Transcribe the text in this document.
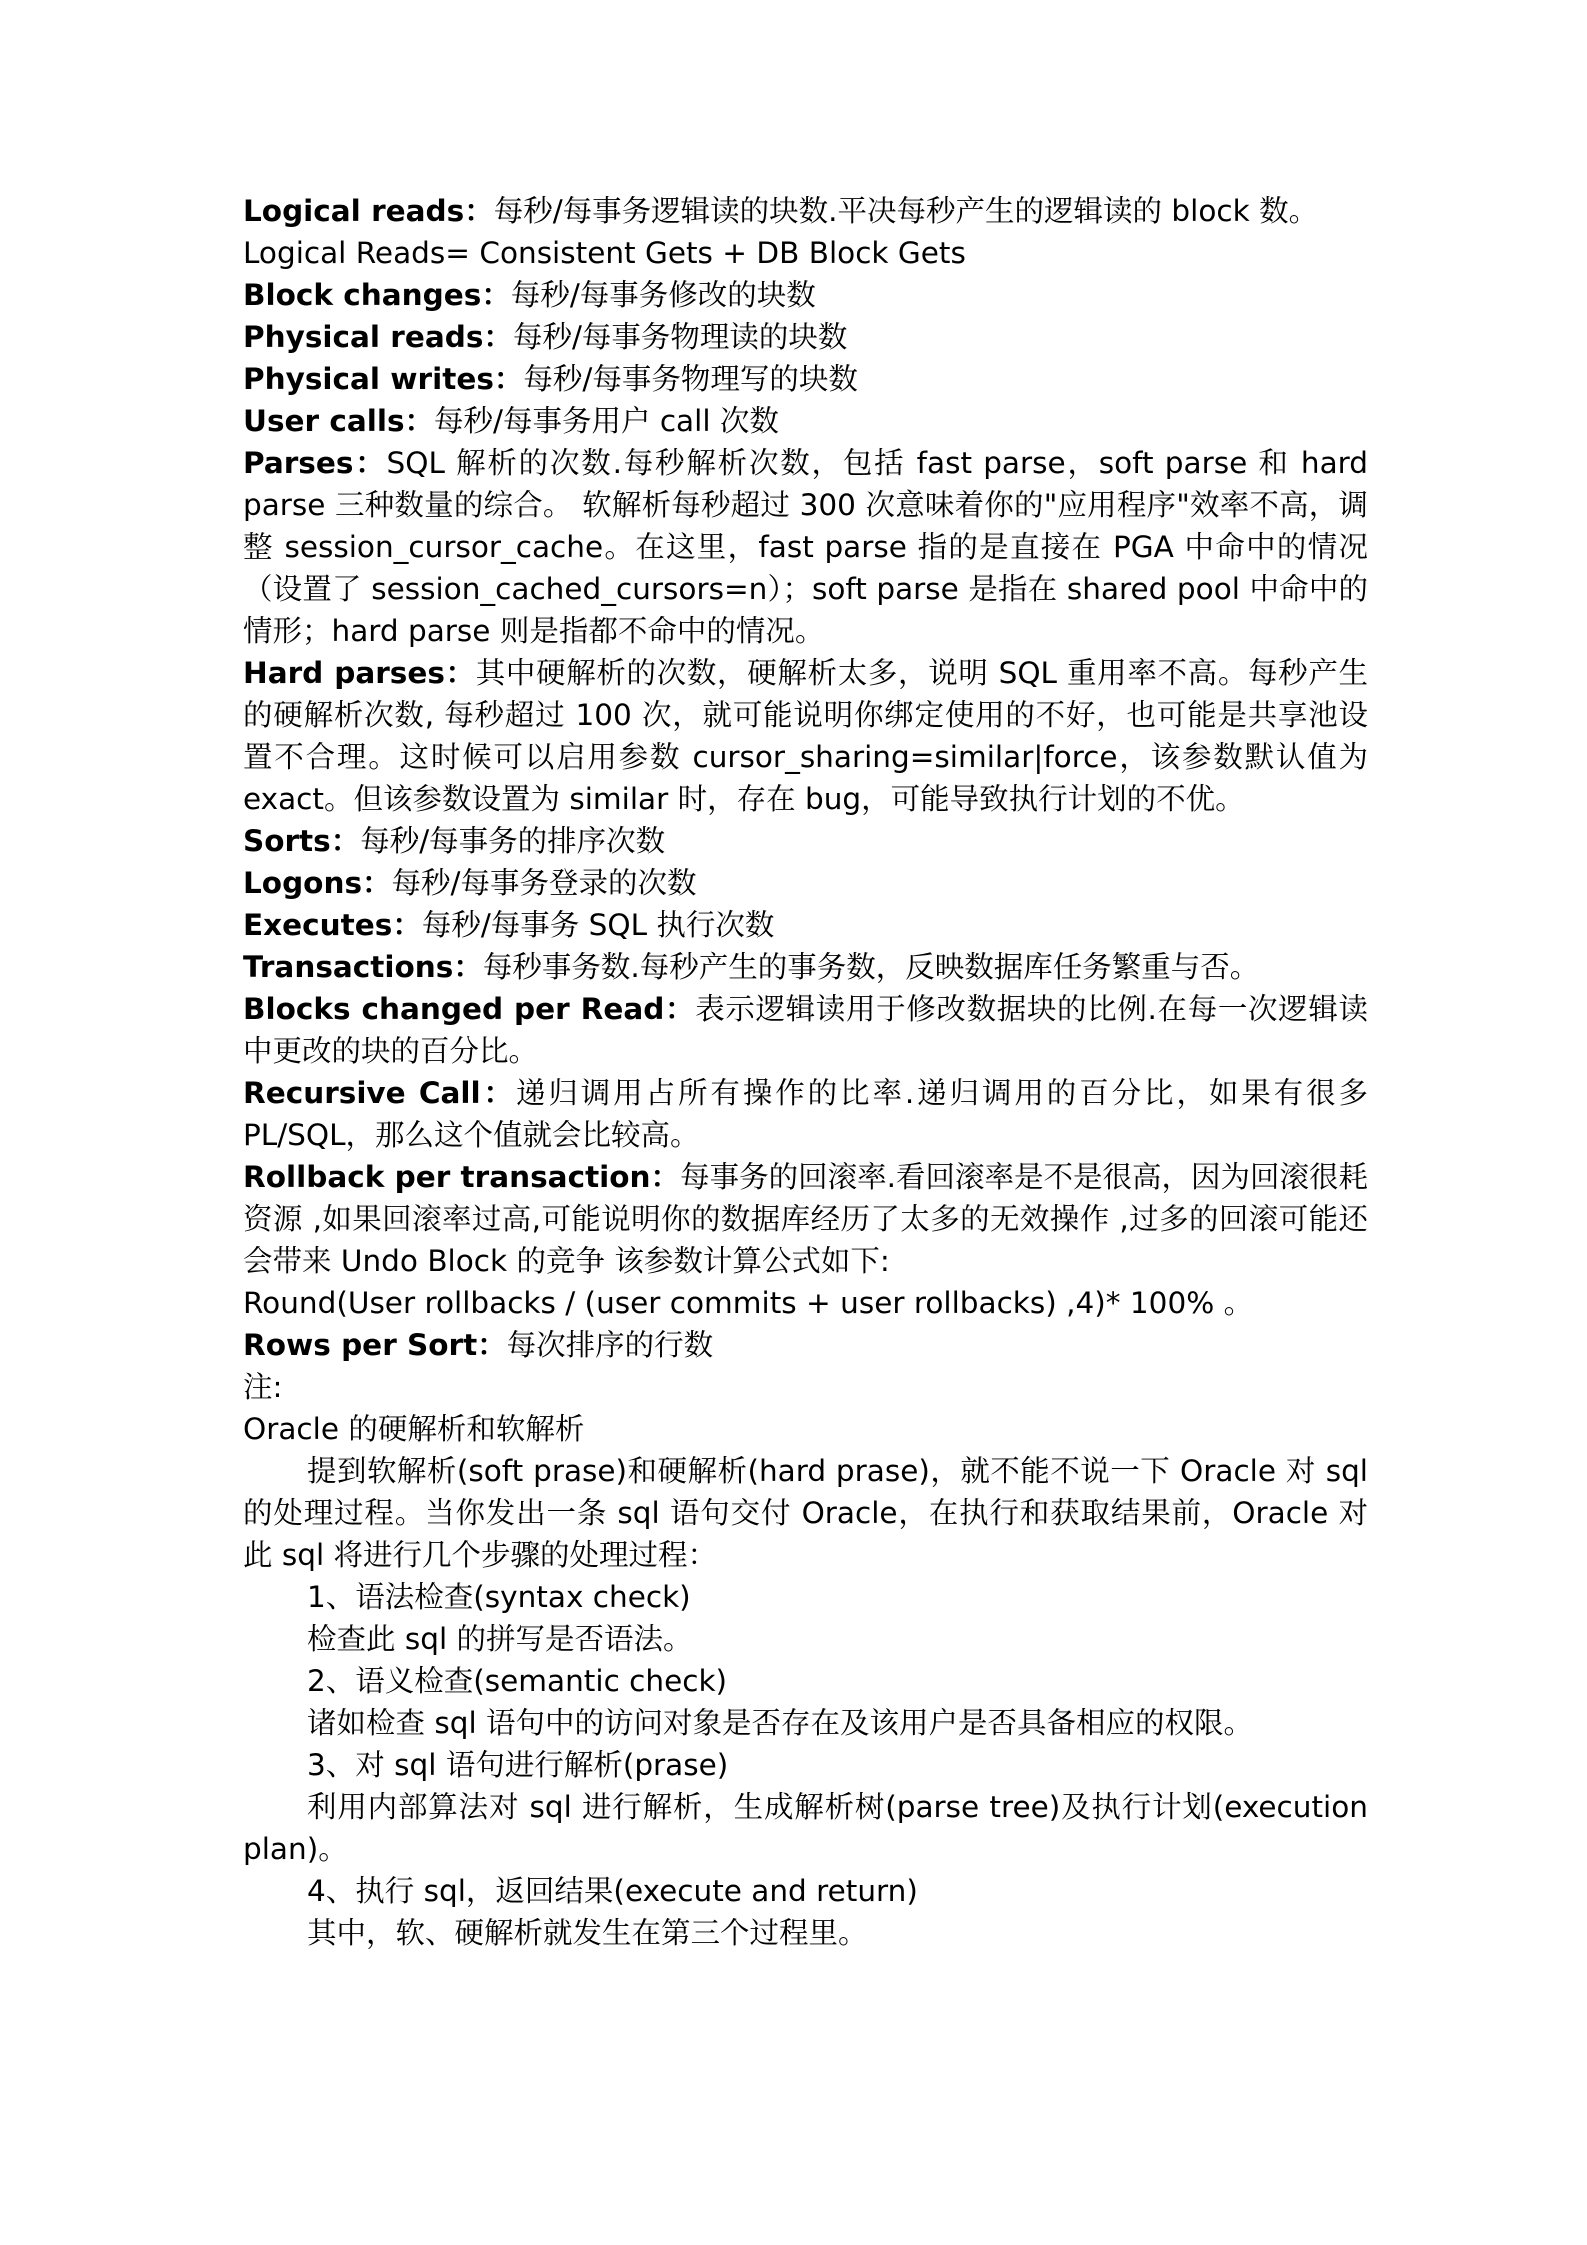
Logical reads：每秒/每事务逻辑读的块数.平决每秒产生的逻辑读的 block 数。

Logical Reads= Consistent Gets + DB Block Gets

Block changes：每秒/每事务修改的块数

Physical reads：每秒/每事务物理读的块数

Physical writes：每秒/每事务物理写的块数

User calls：每秒/每事务用户 call 次数

Parses：SQL 解析的次数.每秒解析次数，包括 fast parse，soft parse 和 hard parse 三种数量的综合。 软解析每秒超过 300 次意味着你的"应用程序"效率不高，调整 session_cursor_cache。在这里，fast parse 指的是直接在 PGA 中命中的情况（设置了 session_cached_cursors=n）；soft parse 是指在 shared pool 中命中的情形；hard parse 则是指都不命中的情况。

Hard parses：其中硬解析的次数，硬解析太多，说明 SQL 重用率不高。每秒产生的硬解析次数, 每秒超过 100 次，就可能说明你绑定使用的不好，也可能是共享池设置不合理。这时候可以启用参数 cursor_sharing=similar|force，该参数默认值为 exact。但该参数设置为 similar 时，存在 bug，可能导致执行计划的不优。

Sorts：每秒/每事务的排序次数

Logons：每秒/每事务登录的次数

Executes：每秒/每事务 SQL 执行次数

Transactions：每秒事务数.每秒产生的事务数，反映数据库任务繁重与否。

Blocks changed per Read：表示逻辑读用于修改数据块的比例.在每一次逻辑读中更改的块的百分比。

Recursive Call：递归调用占所有操作的比率.递归调用的百分比，如果有很多 PL/SQL，那么这个值就会比较高。

Rollback per transaction：每事务的回滚率.看回滚率是不是很高，因为回滚很耗资源 ,如果回滚率过高,可能说明你的数据库经历了太多的无效操作 ,过多的回滚可能还会带来 Undo Block 的竞争 该参数计算公式如下:

Round(User rollbacks / (user commits + user rollbacks) ,4)* 100% 。

Rows per Sort：每次排序的行数

注:

Oracle 的硬解析和软解析

提到软解析(soft prase)和硬解析(hard prase)，就不能不说一下 Oracle 对 sql 的处理过程。当你发出一条 sql 语句交付 Oracle，在执行和获取结果前，Oracle 对此 sql 将进行几个步骤的处理过程：

1、语法检查(syntax check)

检查此 sql 的拼写是否语法。

2、语义检查(semantic check)

诸如检查 sql 语句中的访问对象是否存在及该用户是否具备相应的权限。

3、对 sql 语句进行解析(prase)

利用内部算法对 sql 进行解析，生成解析树(parse tree)及执行计划(execution plan)。

4、执行 sql，返回结果(execute and return)

其中，软、硬解析就发生在第三个过程里。
